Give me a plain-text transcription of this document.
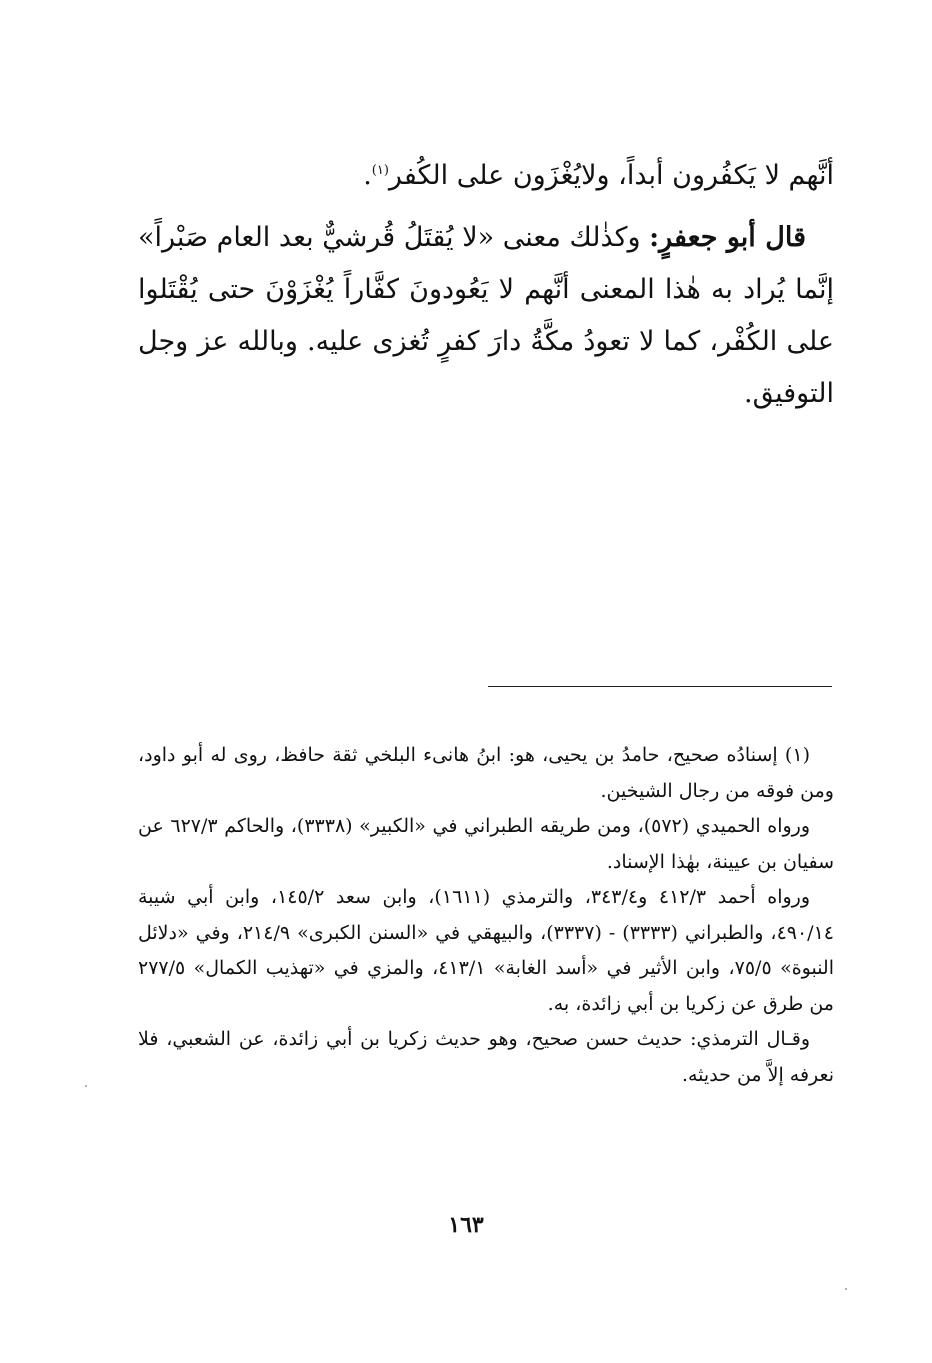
أنَّهم لا يَكفُرون أبداً، ولايُغْزَون على الكُفر$^{(١)}$.

قال أبو جعفرٍ: وكذٰلك معنى «لا يُقتَلُ قُرشيٌّ بعد العام صَبْراً» إنَّما يُراد به هٰذا المعنى أنَّهم لا يَعُودونَ كفَّاراً يُغْزَوْنَ حتى يُقْتَلوا على الكُفْر، كما لا تعودُ مكَّةُ دارَ كفرٍ تُغزى عليه. وبالله عز وجل التوفيق.

(١) إسنادُه صحيح، حامدُ بن يحيى، هو: ابنُ هانىء البلخي ثقة حافظ، روى له أبو داود، ومن فوقه من رجال الشيخين.

ورواه الحميدي (٥٧٢)، ومن طريقه الطبراني في «الكبير» (٣٣٣٨)، والحاكم ٦٢٧/٣ عن سفيان بن عيينة، بهٰذا الإسناد.

ورواه أحمد ٤١٢/٣ و٣٤٣/٤، والترمذي (١٦١١)، وابن سعد ١٤٥/٢، وابن أبي شيبة ٤٩٠/١٤، والطبراني (٣٣٣٣) - (٣٣٣٧)، والبيهقي في «السنن الكبرى» ٢١٤/٩، وفي «دلائل النبوة» ٧٥/٥، وابن الأثير في «أسد الغابة» ٤١٣/١، والمزي في «تهذيب الكمال» ٢٧٧/٥ من طرق عن زكريا بن أبي زائدة، به.

وقـال الترمذي: حديث حسن صحيح، وهو حديث زكريا بن أبي زائدة، عن الشعبي، فلا نعرفه إلاَّ من حديثه.

١٦٣
